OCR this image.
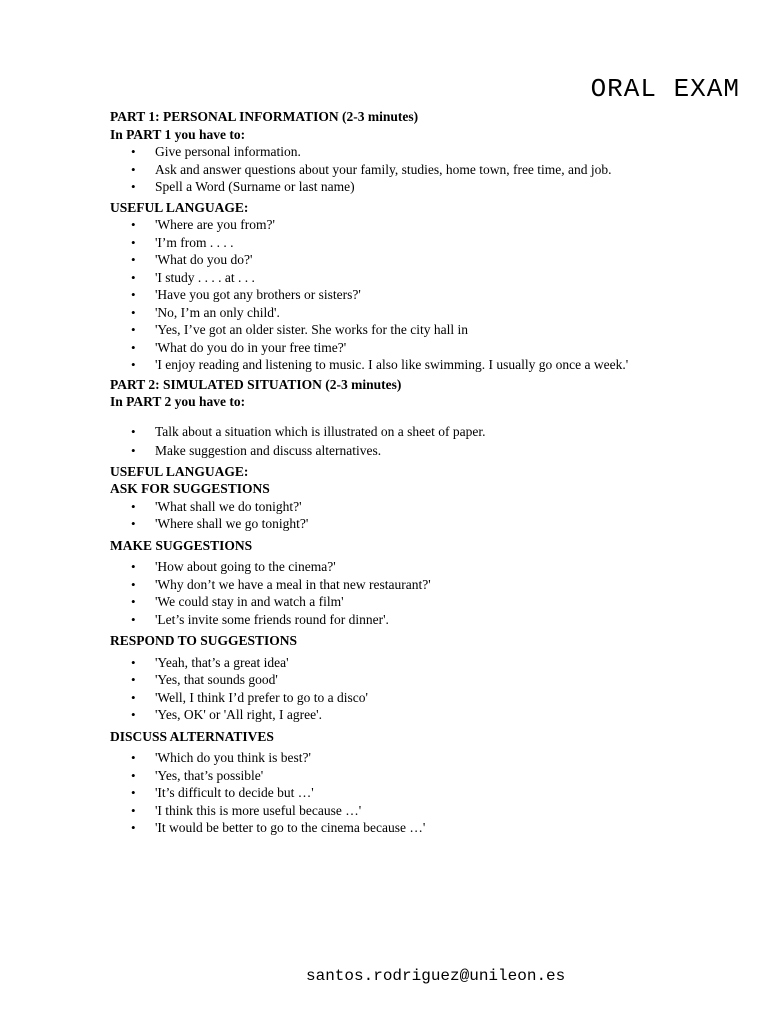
ORAL EXAM
PART 1: PERSONAL INFORMATION (2-3 minutes)
In PART 1 you have to:
• Give personal information.
• Ask and answer questions about your family, studies, home town, free time, and job.
• Spell a Word (Surname or last name)
USEFUL LANGUAGE:
• 'Where are you from?'
• 'I’m from . . . .
• 'What do you do?'
• 'I study . . . . at . . .
• 'Have you got any brothers or sisters?'
• 'No, I’m an only child'.
• 'Yes, I’ve got an older sister. She works for the city hall in
• 'What do you do in your free time?'
• 'I enjoy reading and listening to music. I also like swimming. I usually go once a week.'
PART 2: SIMULATED SITUATION (2-3 minutes)
In PART 2 you have to:
• Talk about a situation which is illustrated on a sheet of paper.
• Make suggestion and discuss alternatives.
USEFUL LANGUAGE:
ASK FOR SUGGESTIONS
• 'What shall we do tonight?'
• 'Where shall we go tonight?'
MAKE SUGGESTIONS
• 'How about going to the cinema?'
• 'Why don’t we have a meal in that new restaurant?'
• 'We could stay in and watch a film'
• 'Let’s invite some friends round for dinner'.
RESPOND TO SUGGESTIONS
• 'Yeah, that’s a great idea'
• 'Yes, that sounds good'
• 'Well, I think I’d prefer to go to a disco'
• 'Yes, OK' or 'All right, I agree'.
DISCUSS ALTERNATIVES
• 'Which do you think is best?'
• 'Yes, that’s possible'
• 'It’s difficult to decide but …'
• 'I think this is more useful because …'
• 'It would be better to go to the cinema because …'
santos.rodriguez@unileon.es
